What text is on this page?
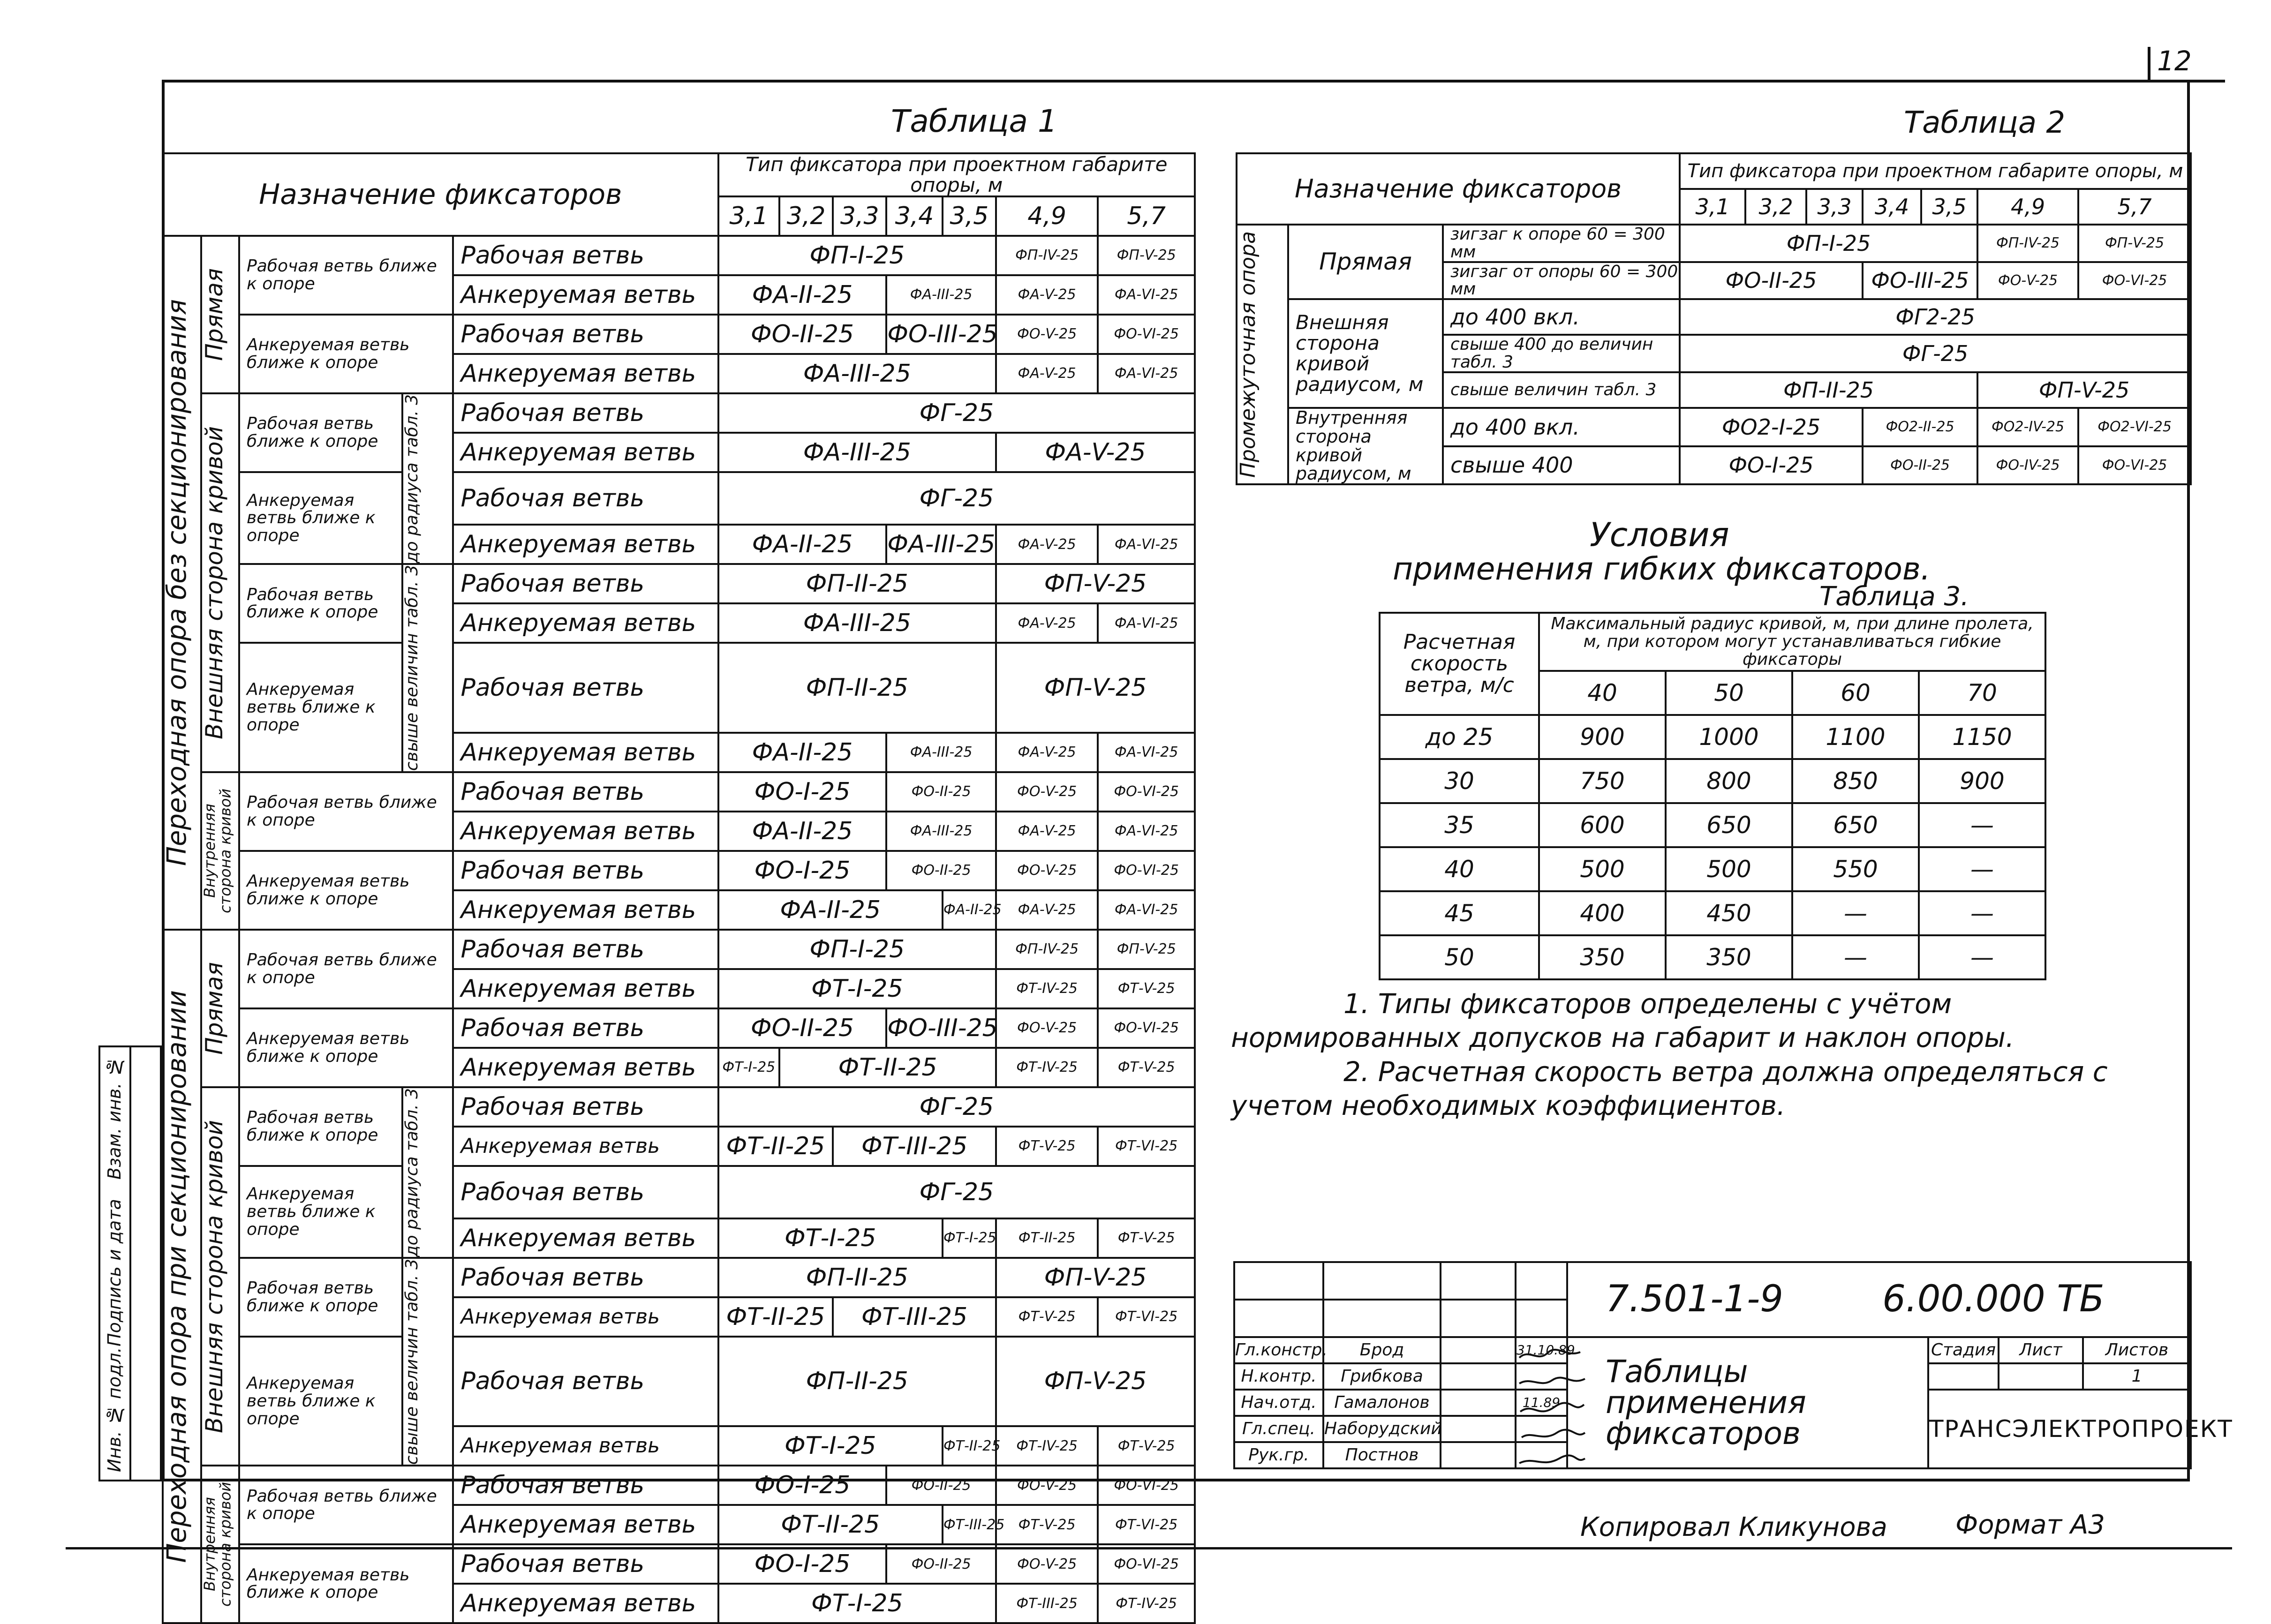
12
Инв. № подл.
Подпись и дата
Взам. инв. №
Таблица 1
Назначение фиксаторов					Тип фиксатора при проектном габарите опоры, м						
					3,1	3,2	3,3	3,4	3,5	4,9	5,7

Переходная опора без секционирования	Прямая	Рабочая ветвь ближе к опоре		Рабочая ветвь	ФП-I-25					ФП-IV-25	ФП-V-25
				Анкеруемая ветвь	ФА-II-25			ФА-III-25		ФА-V-25	ФА-VI-25
		Анкеруемая ветвь ближе к опоре		Рабочая ветвь	ФО-II-25			ФО-III-25		ФО-V-25	ФО-VI-25
				Анкеруемая ветвь	ФА-III-25					ФА-V-25	ФА-VI-25

	Внешняя сторона кривой	Рабочая ветвь ближе к опоре	до радиуса табл. 3	Рабочая ветвь	ФГ-25						
				Анкеруемая ветвь	ФА-III-25					ФА-V-25	
		Анкеруемая ветвь ближе к опоре		Рабочая ветвь	ФГ-25						
				Анкеруемая ветвь	ФА-II-25			ФА-III-25		ФА-V-25	ФА-VI-25
		Рабочая ветвь ближе к опоре	свыше величин табл. 3	Рабочая ветвь	ФП-II-25					ФП-V-25	
				Анкеруемая ветвь	ФА-III-25					ФА-V-25	ФА-VI-25
		Анкеруемая ветвь ближе к опоре		Рабочая ветвь	ФП-II-25					ФП-V-25	
				Анкеруемая ветвь	ФА-II-25			ФА-III-25		ФА-V-25	ФА-VI-25

	Внутренняя сторона кривой	Рабочая ветвь ближе к опоре		Рабочая ветвь	ФО-I-25			ФО-II-25		ФО-V-25	ФО-VI-25
				Анкеруемая ветвь	ФА-II-25			ФА-III-25		ФА-V-25	ФА-VI-25
		Анкеруемая ветвь ближе к опоре		Рабочая ветвь	ФО-I-25			ФО-II-25		ФО-V-25	ФО-VI-25
				Анкеруемая ветвь	ФА-II-25				ФА-II-25	ФА-V-25	ФА-VI-25

Переходная опора при секционировании	Прямая	Рабочая ветвь ближе к опоре		Рабочая ветвь	ФП-I-25					ФП-IV-25	ФП-V-25
				Анкеруемая ветвь	ФТ-I-25					ФТ-IV-25	ФТ-V-25
		Анкеруемая ветвь ближе к опоре		Рабочая ветвь	ФО-II-25			ФО-III-25		ФО-V-25	ФО-VI-25
				Анкеруемая ветвь	ФТ-I-25	ФТ-II-25				ФТ-IV-25	ФТ-V-25

	Внешняя сторона кривой	Рабочая ветвь ближе к опоре	до радиуса табл. 3	Рабочая ветвь	ФГ-25						
				Анкеруемая ветвь	ФТ-II-25		ФТ-III-25			ФТ-V-25	ФТ-VI-25
		Анкеруемая ветвь ближе к опоре		Рабочая ветвь	ФГ-25						
				Анкеруемая ветвь	ФТ-I-25				ФТ-I-25	ФТ-II-25	ФТ-V-25
		Рабочая ветвь ближе к опоре	свыше величин табл. 3	Рабочая ветвь	ФП-II-25					ФП-V-25	
				Анкеруемая ветвь	ФТ-II-25		ФТ-III-25			ФТ-V-25	ФТ-VI-25
		Анкеруемая ветвь ближе к опоре		Рабочая ветвь	ФП-II-25					ФП-V-25	
				Анкеруемая ветвь	ФТ-I-25				ФТ-II-25	ФТ-IV-25	ФТ-V-25

	Внутренняя сторона кривой	Рабочая ветвь ближе к опоре		Рабочая ветвь	ФО-I-25			ФО-II-25		ФО-V-25	ФО-VI-25
				Анкеруемая ветвь	ФТ-II-25				ФТ-III-25	ФТ-V-25	ФТ-VI-25
		Анкеруемая ветвь ближе к опоре		Рабочая ветвь	ФО-I-25			ФО-II-25		ФО-V-25	ФО-VI-25
				Анкеруемая ветвь	ФТ-I-25					ФТ-III-25	ФТ-IV-25
Таблица 2
Назначение фиксаторов			Тип фиксатора при проектном габарите опоры, м						
			3,1	3,2	3,3	3,4	3,5	4,9	5,7

Промежуточная опора	Прямая	зигзаг к опоре 60 = 300 мм	ФП-I-25					ФП-IV-25	ФП-V-25
		зигзаг от опоры 60 = 300 мм	ФО-II-25			ФО-III-25		ФО-V-25	ФО-VI-25
	Внешняя сторона кривой радиусом, м	до 400 вкл.	ФГ2-25						
		свыше 400 до величин табл. 3	ФГ-25						
		свыше величин табл. 3	ФП-II-25					ФП-V-25	
	Внутренняя сторона кривой радиусом, м	до 400 вкл.	ФО2-I-25			ФО2-II-25		ФО2-IV-25	ФО2-VI-25
		свыше 400	ФО-I-25			ФО-II-25		ФО-IV-25	ФО-VI-25
Условия
применения гибких фиксаторов.
Таблица 3.
Расчетная скорость ветра, м/с	Максимальный радиус кривой, м, при длине пролета, м, при котором могут устанавливаться гибкие фиксаторы			
	40	50	60	70
до 25	900	1000	1100	1150
30	750	800	850	900
35	600	650	650	—
40	500	500	550	—
45	400	450	—	—
50	350	350	—	—
1. Типы фиксаторов определены с учётом нормированных допусков на габарит и наклон опоры.
2. Расчетная скорость ветра должна определяться с учетом необходимых коэффициентов.
				7.501-1-9 6.00.000 ТБ			

Гл.констр.	Брод		31.10.89	Таблицы применения фиксаторов	Стадия	Лист	Листов
Н.контр.	Грибкова						1
Нач.отд.	Гамалонов		11.89		ТРАНСЭЛЕКТРОПРОЕКТ		
Гл.спец.	Наборудский						
Рук.гр.	Постнов						
Копировал Кликунова	Формат А3
